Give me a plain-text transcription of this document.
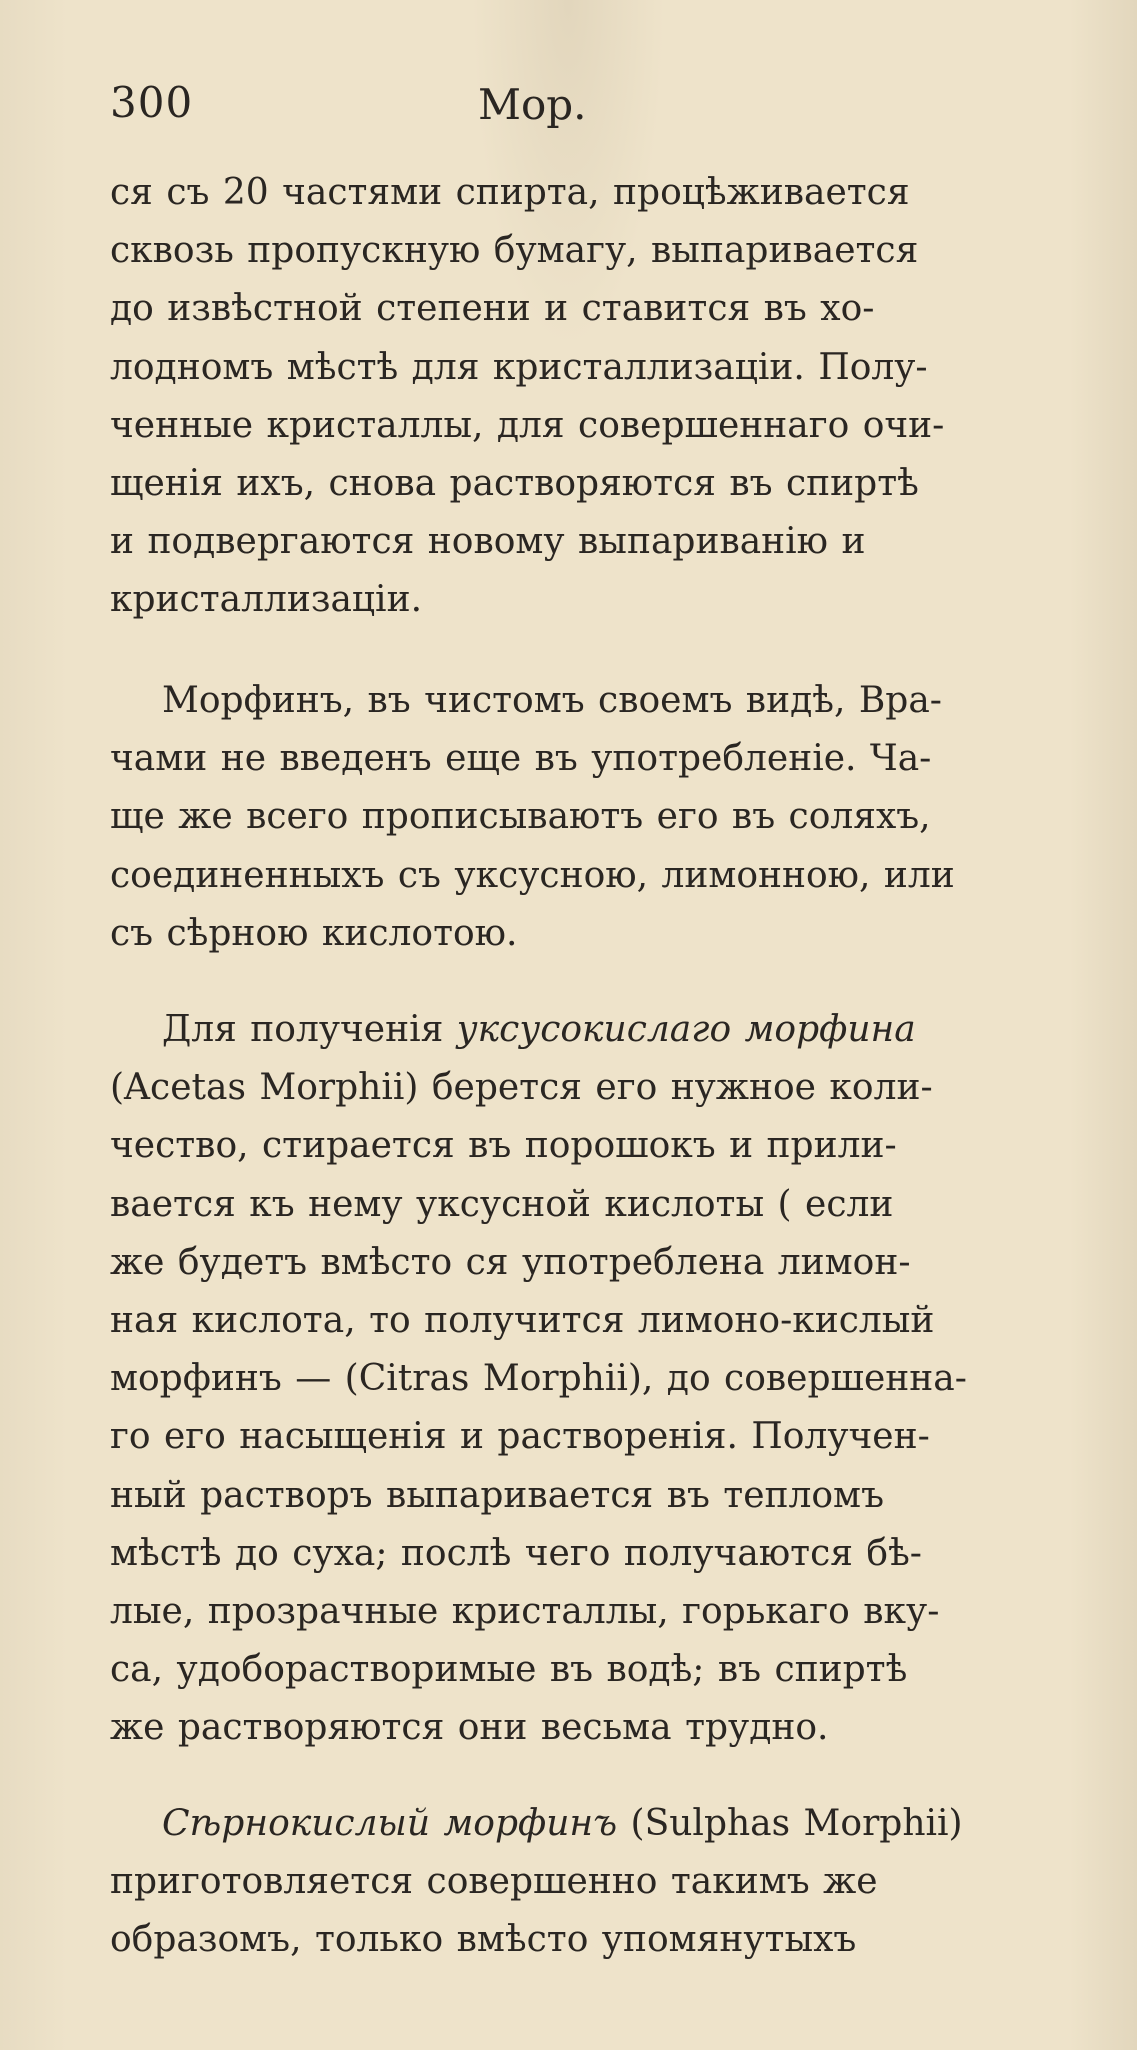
300	Мор.

ся съ 20 частями спирта, процѣживается
сквозь пропускную бумагу, выпаривается
до извѣстной степени и ставится въ хо-
лодномъ мѣстѣ для кристаллизаціи. Полу-
ченные кристаллы, для совершеннаго очи-
щенія ихъ, снова растворяются въ спиртѣ
и подвергаются новому выпариванію и
кристаллизаціи.

Морфинъ, въ чистомъ своемъ видѣ, Вра-
чами не введенъ еще въ употребленіе. Ча-
ще же всего прописываютъ его въ соляхъ,
соединенныхъ съ уксусною, лимонною, или
съ сѣрною кислотою.

Для полученія уксусокислаго морфина
(Acetas Morphii) берется его нужное коли-
чество, стирается въ порошокъ и прили-
вается къ нему уксусной кислоты ( если
же будетъ вмѣсто ся употреблена лимон-
ная кислота, то получится лимоно-кислый
морфинъ — (Citras Morphii), до совершенна-
го его насыщенія и растворенія. Получен-
ный растворъ выпаривается въ тепломъ
мѣстѣ до суха; послѣ чего получаются бѣ-
лые, прозрачные кристаллы, горькаго вку-
са, удоборастворимые въ водѣ; въ спиртѣ
же растворяются они весьма трудно.

Сѣрнокислый морфинъ (Sulphas Morphii)
приготовляется совершенно такимъ же
образомъ, только вмѣсто упомянутыхъ
